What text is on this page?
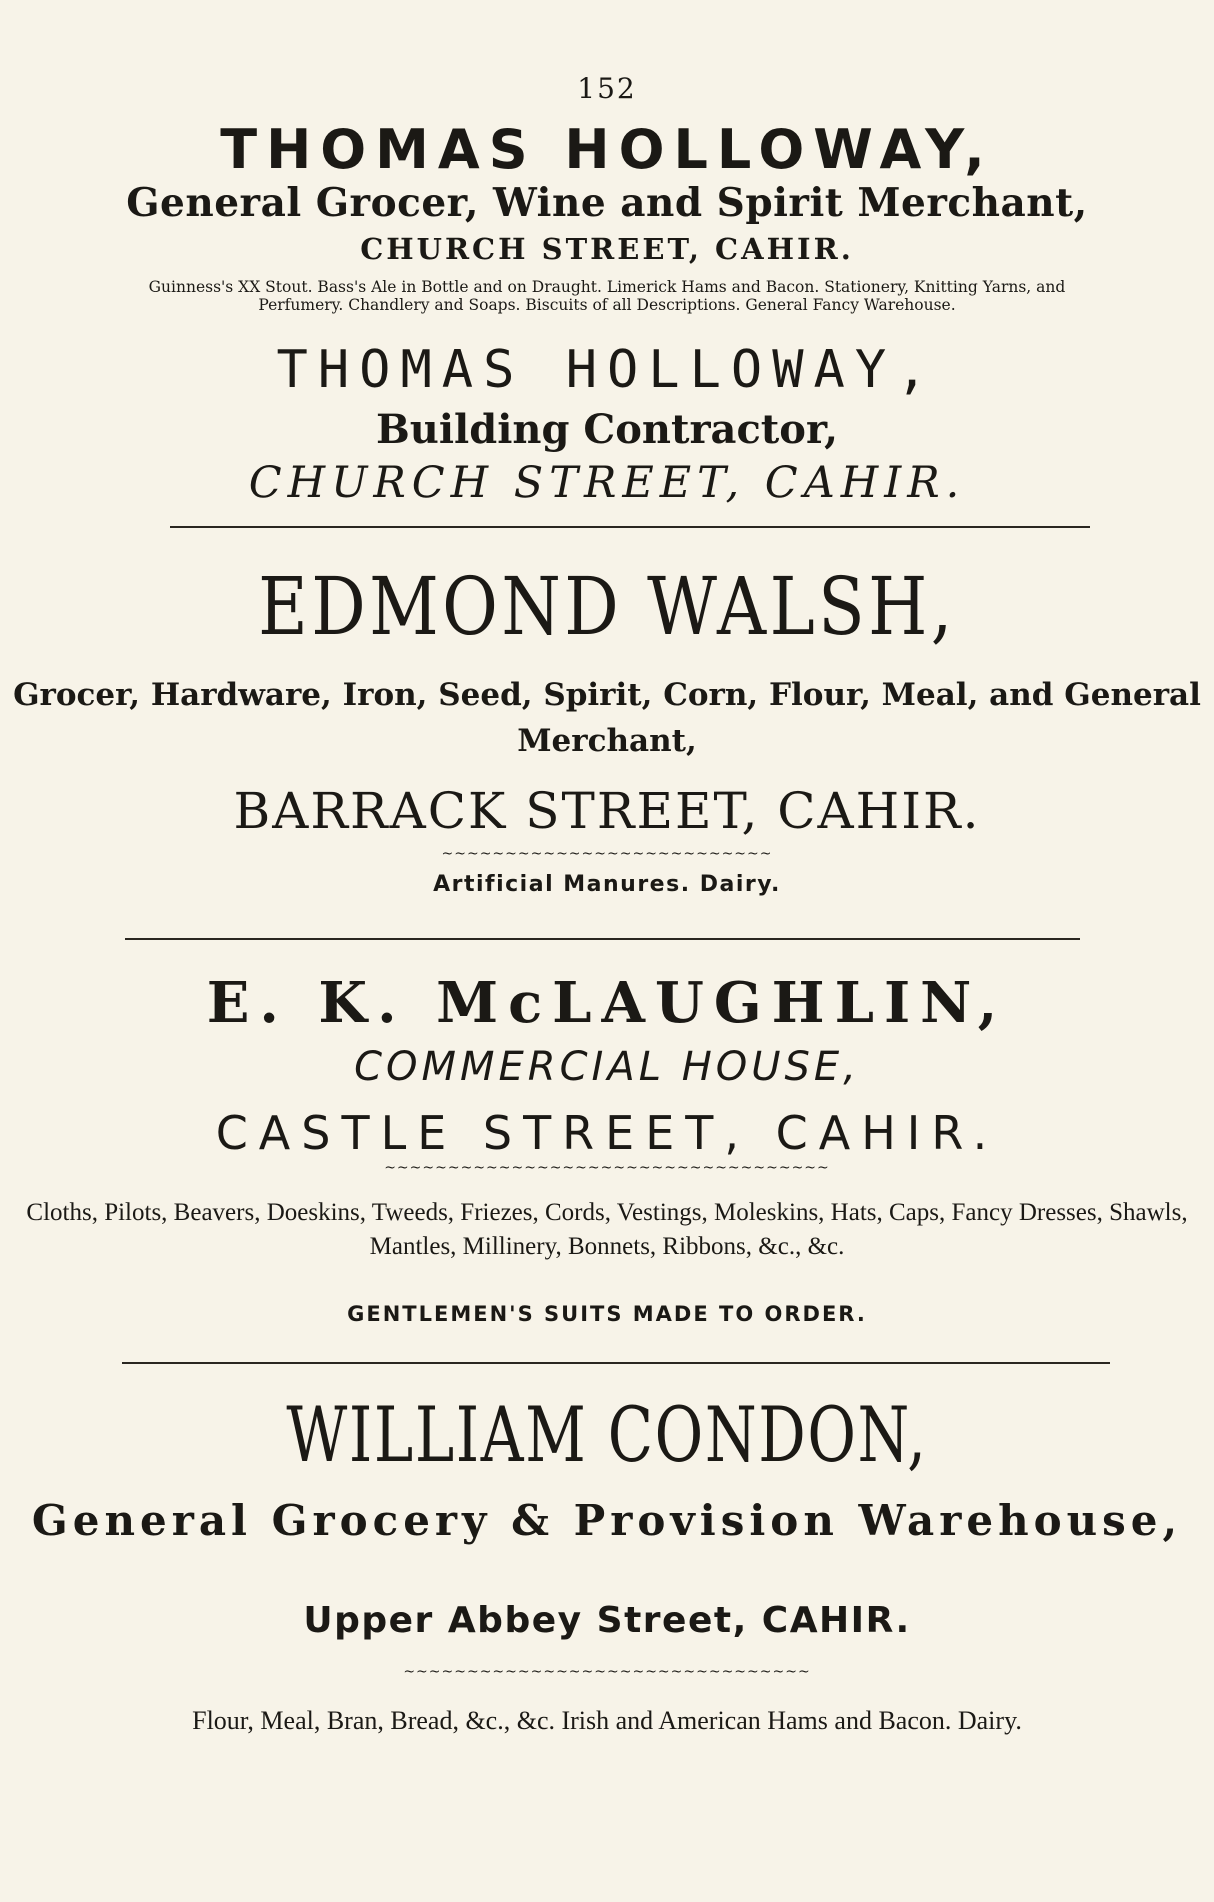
152
THOMAS HOLLOWAY,
General Grocer, Wine and Spirit Merchant,
CHURCH STREET, CAHIR.
Guinness's XX Stout. Bass's Ale in Bottle and on Draught. Limerick Hams and Bacon. Stationery, Knitting Yarns, and Perfumery. Chandlery and Soaps. Biscuits of all Descriptions. General Fancy Warehouse.
THOMAS HOLLOWAY,
Building Contractor,
CHURCH STREET, CAHIR.
EDMOND WALSH,
Grocer, Hardware, Iron, Seed, Spirit, Corn, Flour, Meal, and General Merchant,
BARRACK STREET, CAHIR.
~~~~~~~~~~~~~~~~~~~~~~~~~~
Artificial Manures. Dairy.
E. K. McLAUGHLIN,
COMMERCIAL HOUSE,
CASTLE STREET, CAHIR.
~~~~~~~~~~~~~~~~~~~~~~~~~~~~~~~~~~~
Cloths, Pilots, Beavers, Doeskins, Tweeds, Friezes, Cords, Vestings, Moleskins, Hats, Caps, Fancy Dresses, Shawls, Mantles, Millinery, Bonnets, Ribbons, &c., &c.
GENTLEMEN'S SUITS MADE TO ORDER.
WILLIAM CONDON,
General Grocery & Provision Warehouse,
Upper Abbey Street, CAHIR.
~~~~~~~~~~~~~~~~~~~~~~~~~~~~~~~~
Flour, Meal, Bran, Bread, &c., &c. Irish and American Hams and Bacon. Dairy.
